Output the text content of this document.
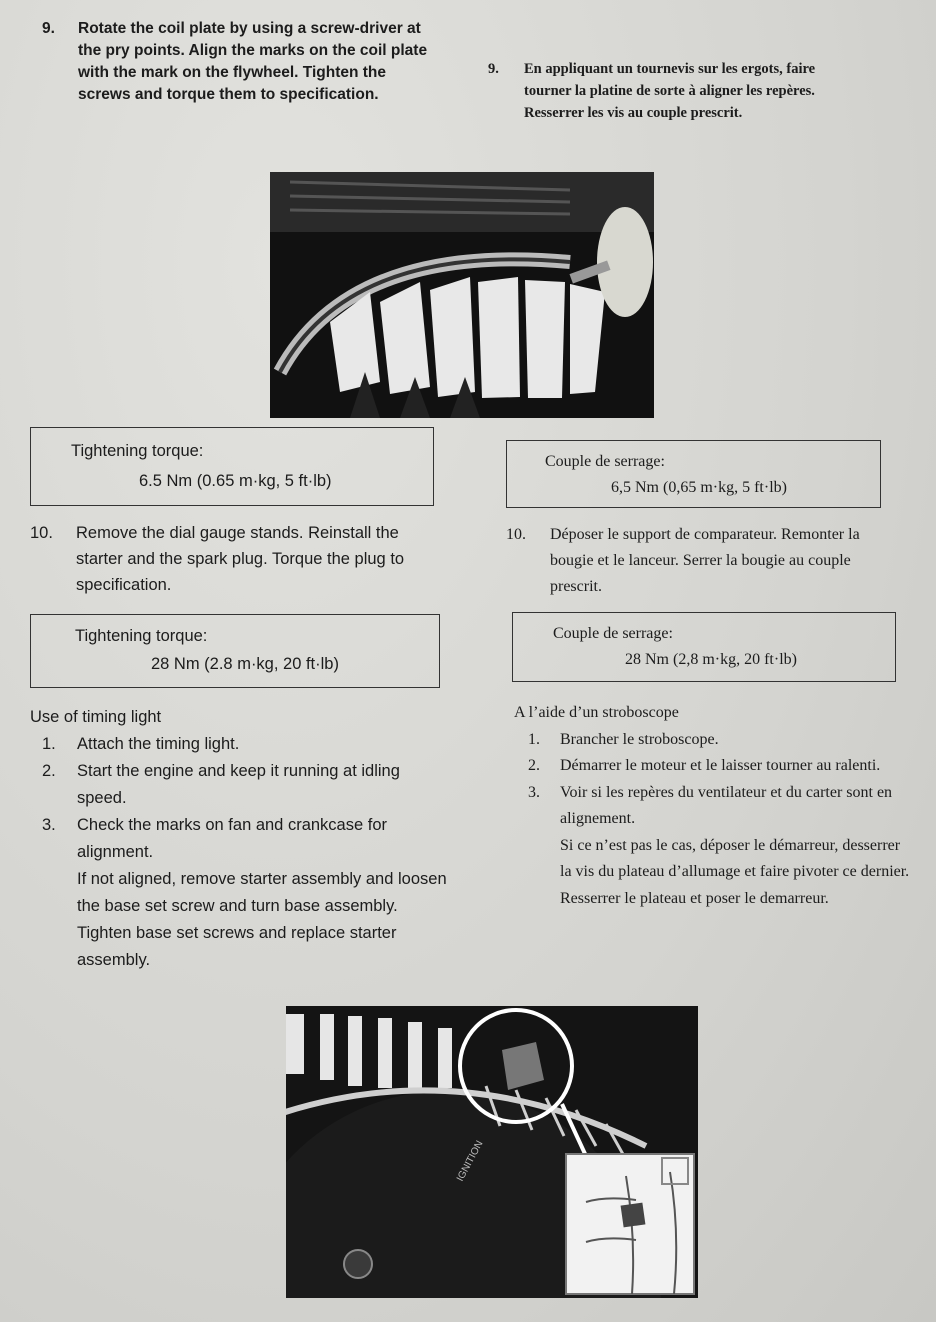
9. Rotate the coil plate by using a screw-driver at the pry points. Align the marks on the coil plate with the mark on the flywheel. Tighten the screws and torque them to specification.
9. En appliquant un tournevis sur les ergots, faire tourner la platine de sorte à aligner les repères. Resserrer les vis au couple prescrit.
Tightening torque:
6.5 Nm (0.65 m·kg, 5 ft·lb)
Couple de serrage:
6,5 Nm (0,65 m·kg, 5 ft·lb)
10. Remove the dial gauge stands. Reinstall the starter and the spark plug. Torque the plug to specification.
10. Déposer le support de comparateur. Remonter la bougie et le lanceur. Serrer la bougie au couple prescrit.
Tightening torque:
28 Nm (2.8 m·kg, 20 ft·lb)
Couple de serrage:
28 Nm (2,8 m·kg, 20 ft·lb)
Use of timing light
1. Attach the timing light.
2. Start the engine and keep it running at idling speed.
3. Check the marks on fan and crankcase for alignment.
If not aligned, remove starter assembly and loosen the base set screw and turn base assembly.
Tighten base set screws and replace starter assembly.
A l’aide d’un stroboscope
1. Brancher le stroboscope.
2. Démarrer le moteur et le laisser tourner au ralenti.
3. Voir si les repères du ventilateur et du carter sont en alignement.
Si ce n’est pas le cas, déposer le démarreur, desserrer la vis du plateau d’allumage et faire pivoter ce dernier.
Resserrer le plateau et poser le demarreur.
IGNITION
